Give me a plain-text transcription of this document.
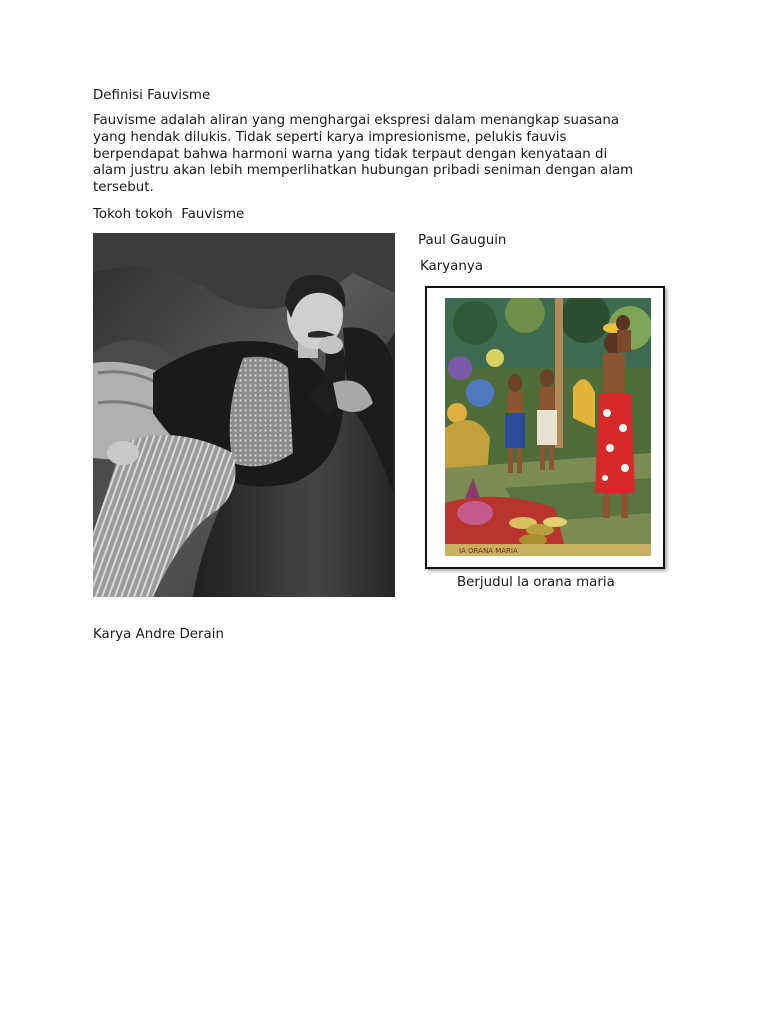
Definisi Fauvisme
Fauvisme adalah aliran yang menghargai ekspresi dalam menangkap suasana
yang hendak dilukis. Tidak seperti karya impresionisme, pelukis fauvis
berpendapat bahwa harmoni warna yang tidak terpaut dengan kenyataan di
alam justru akan lebih memperlihatkan hubungan pribadi seniman dengan alam
tersebut.
Tokoh tokoh  Fauvisme
Paul Gauguin
Karyanya
IA ORANA MARIA
Berjudul la orana maria
Karya Andre Derain
